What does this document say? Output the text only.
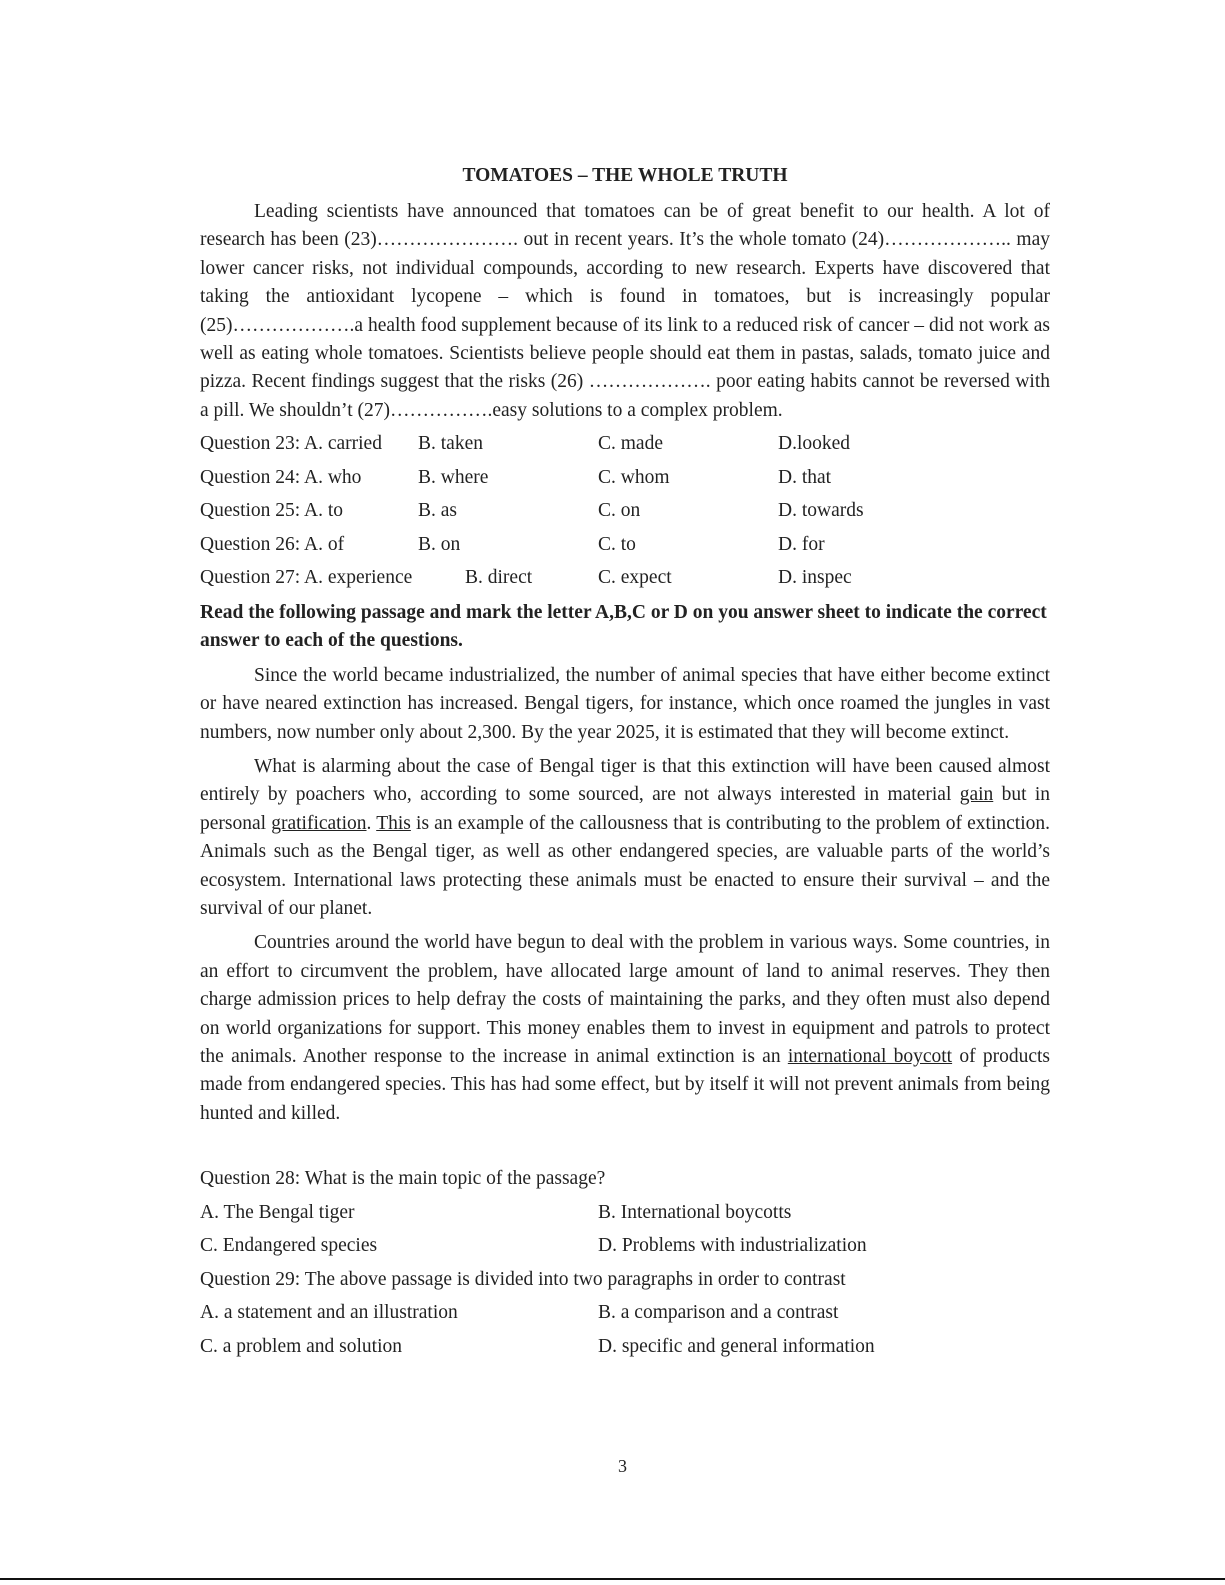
TOMATOES – THE WHOLE TRUTH

Leading scientists have announced that tomatoes can be of great benefit to our health. A lot of research has been (23)…………………. out in recent years. It’s the whole tomato (24)……………….. may lower cancer risks, not individual compounds, according to new research. Experts have discovered that taking the antioxidant lycopene – which is found in tomatoes, but is increasingly popular (25)……………….a health food supplement because of its link to a reduced risk of cancer – did not work as well as eating whole tomatoes. Scientists believe people should eat them in pastas, salads, tomato juice and pizza. Recent findings suggest that the risks (26) ………………. poor eating habits cannot be reversed with a pill. We shouldn’t (27)…………….easy solutions to a complex problem.

Question 23: A. carried	B. taken	C. made	D.looked
Question 24: A. who	B. where	C. whom	D. that
Question 25: A. to	B. as	C. on	D. towards
Question 26: A. of	B. on	C. to	D. for
Question 27: A. experience	B. direct	C. expect	D. inspec
Read the following passage and mark the letter A,B,C or D on you answer sheet to indicate the correct answer to each of the questions.

Since the world became industrialized, the number of animal species that have either become extinct or have neared extinction has increased. Bengal tigers, for instance, which once roamed the jungles in vast numbers, now number only about 2,300. By the year 2025, it is estimated that they will become extinct.

What is alarming about the case of Bengal tiger is that this extinction will have been caused almost entirely by poachers who, according to some sourced, are not always interested in material gain but in personal gratification. This is an example of the callousness that is contributing to the problem of extinction. Animals such as the Bengal tiger, as well as other endangered species, are valuable parts of the world’s ecosystem. International laws protecting these animals must be enacted to ensure their survival – and the survival of our planet.

Countries around the world have begun to deal with the problem in various ways. Some countries, in an effort to circumvent the problem, have allocated large amount of land to animal reserves. They then charge admission prices to help defray the costs of maintaining the parks, and they often must also depend on world organizations for support. This money enables them to invest in equipment and patrols to protect the animals. Another response to the increase in animal extinction is an international boycott of products made from endangered species. This has had some effect, but by itself it will not prevent animals from being hunted and killed.

Question 28: What is the main topic of the passage?
A. The Bengal tiger	B. International boycotts
C. Endangered species	D. Problems with industrialization
Question 29: The above passage is divided into two paragraphs in order to contrast
A. a statement and an illustration	B. a comparison and a contrast
C. a problem and solution	D. specific and general information
3
